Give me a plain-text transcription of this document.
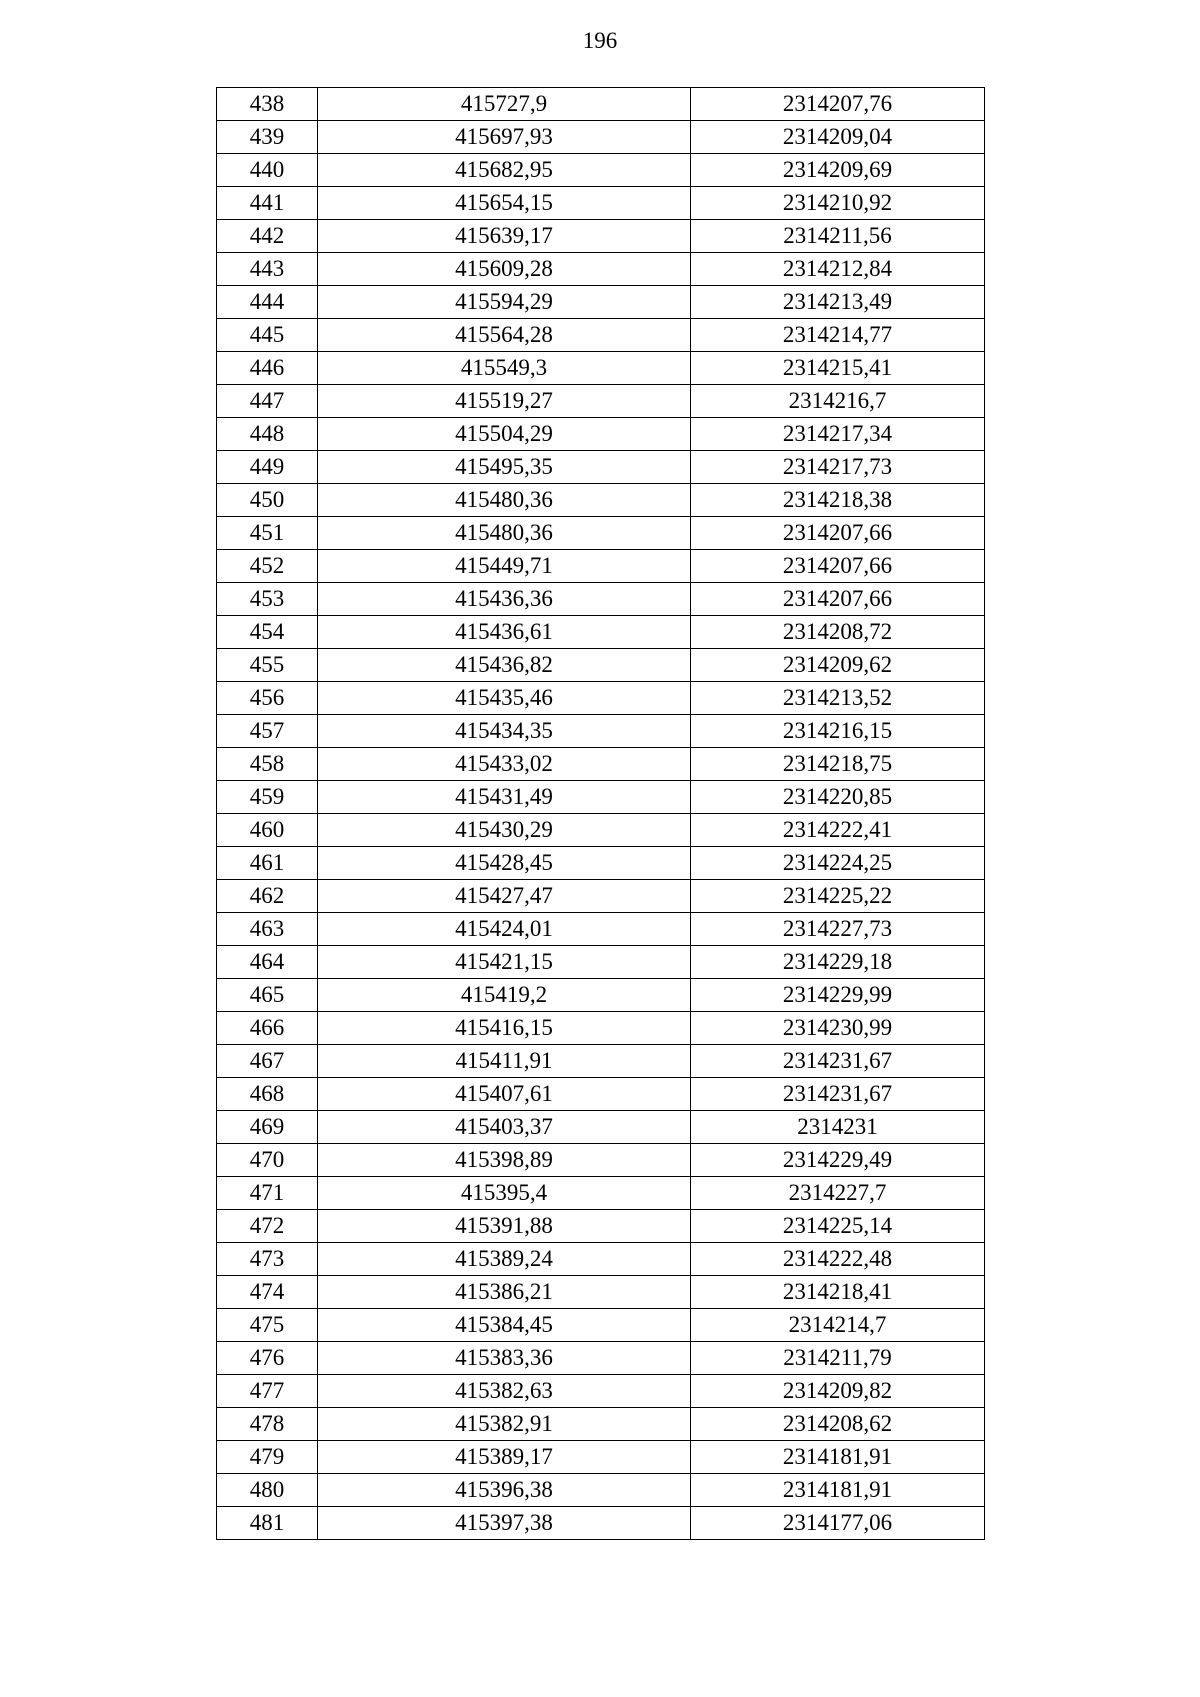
196
438	415727,9	2314207,76
439	415697,93	2314209,04
440	415682,95	2314209,69
441	415654,15	2314210,92
442	415639,17	2314211,56
443	415609,28	2314212,84
444	415594,29	2314213,49
445	415564,28	2314214,77
446	415549,3	2314215,41
447	415519,27	2314216,7
448	415504,29	2314217,34
449	415495,35	2314217,73
450	415480,36	2314218,38
451	415480,36	2314207,66
452	415449,71	2314207,66
453	415436,36	2314207,66
454	415436,61	2314208,72
455	415436,82	2314209,62
456	415435,46	2314213,52
457	415434,35	2314216,15
458	415433,02	2314218,75
459	415431,49	2314220,85
460	415430,29	2314222,41
461	415428,45	2314224,25
462	415427,47	2314225,22
463	415424,01	2314227,73
464	415421,15	2314229,18
465	415419,2	2314229,99
466	415416,15	2314230,99
467	415411,91	2314231,67
468	415407,61	2314231,67
469	415403,37	2314231
470	415398,89	2314229,49
471	415395,4	2314227,7
472	415391,88	2314225,14
473	415389,24	2314222,48
474	415386,21	2314218,41
475	415384,45	2314214,7
476	415383,36	2314211,79
477	415382,63	2314209,82
478	415382,91	2314208,62
479	415389,17	2314181,91
480	415396,38	2314181,91
481	415397,38	2314177,06
